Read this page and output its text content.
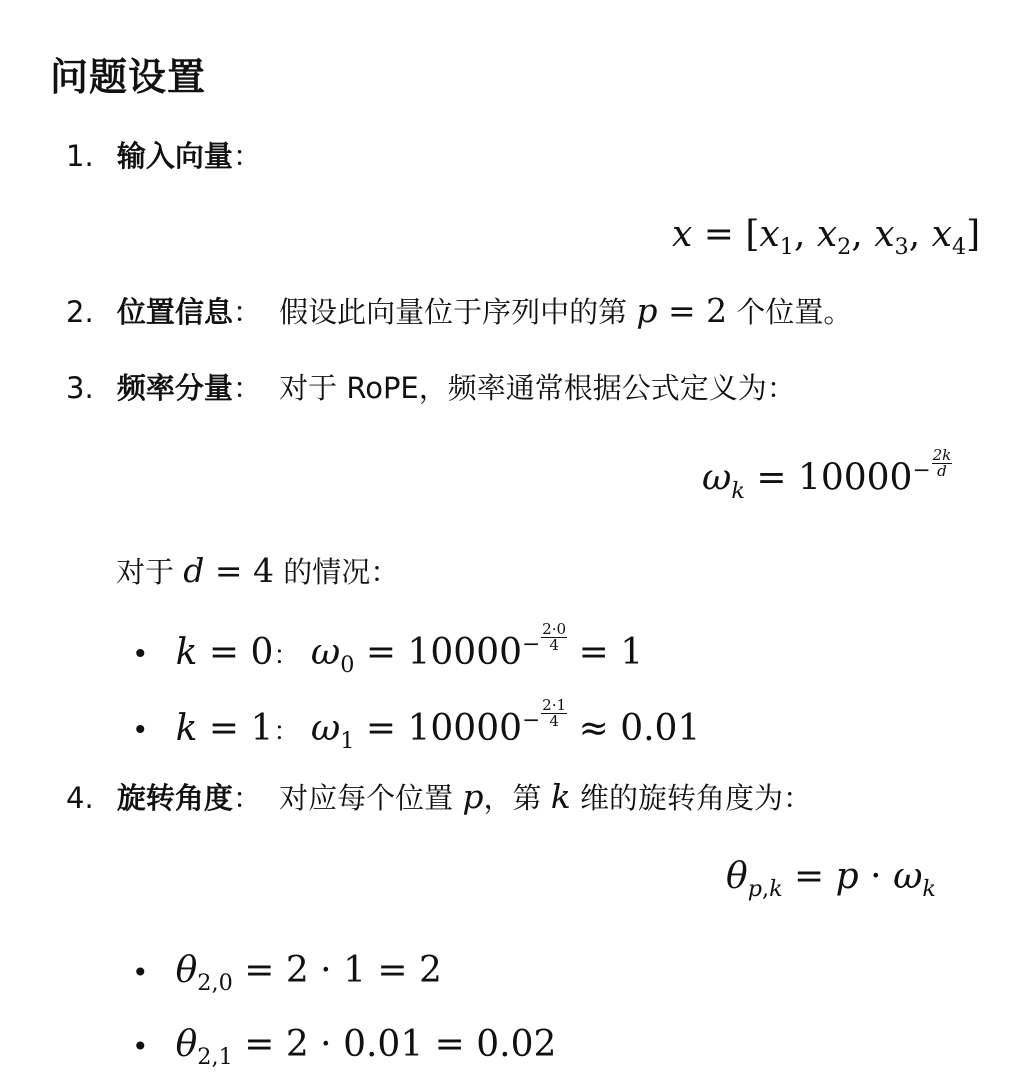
问题设置
1. 输入向量：
$x = [x_1$, $x_2$, $x_3$, $x_4$]
2. 位置信息： 假设此向量位于序列中的第 p = 2 个位置。
3. 频率分量： 对于 RoPE，频率通常根据公式定义为：
$\omega_k = 10000^- \frac{2k}{d}$
对于 d = 4 的情况：
• k = 0： $\omega_0 = 10000^- \frac{2\cdot 0}{4} = 1$
• k = 1： $\omega_1 = 10000^- \frac{2\cdot 1}{4} \approx 0.01$
4. 旋转角度： 对应每个位置 p，第 k 维的旋转角度为：
$\theta_{p,k} = p \cdot \omega_k$
• $\theta_{2,0} = 2 \cdot 1 = 2$
• $\theta_{2,1} = 2 \cdot 0.01 = 0.02$
